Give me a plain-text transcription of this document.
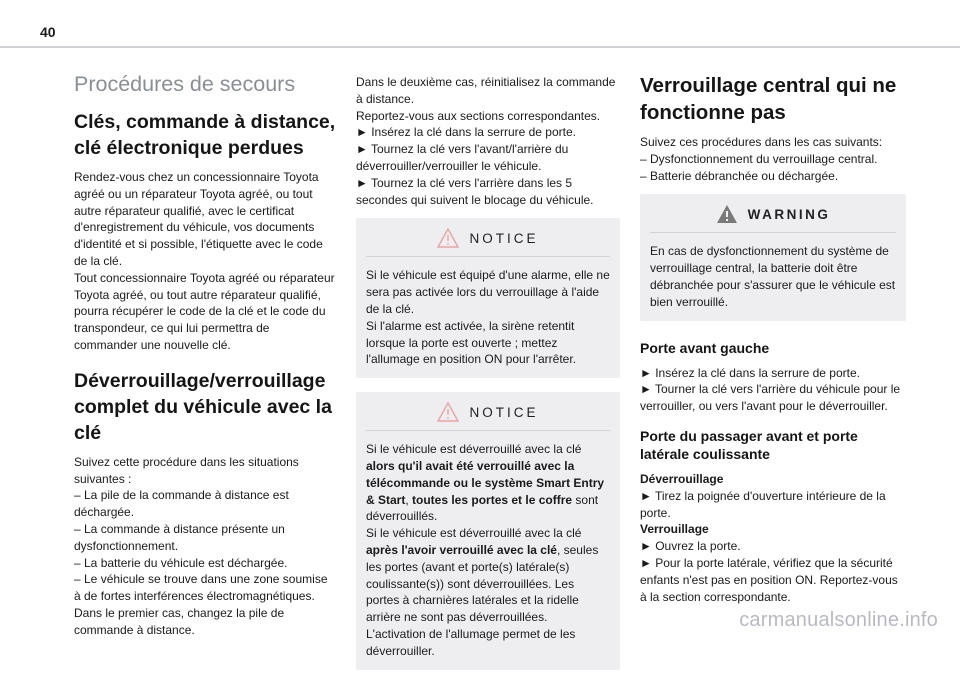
40
Procédures de secours
Clés, commande à distance, clé électronique perdues
Rendez-vous chez un concessionnaire Toyota agréé ou un réparateur Toyota agréé, ou tout autre réparateur qualifié, avec le certificat d'enregistrement du véhicule, vos documents d'identité et si possible, l'étiquette avec le code de la clé.
Tout concessionnaire Toyota agréé ou réparateur Toyota agréé, ou tout autre réparateur qualifié, pourra récupérer le code de la clé et le code du transpondeur, ce qui lui permettra de commander une nouvelle clé.
Déverrouillage/verrouillage complet du véhicule avec la clé
Suivez cette procédure dans les situations suivantes :
– La pile de la commande à distance est déchargée.
– La commande à distance présente un dysfonctionnement.
– La batterie du véhicule est déchargée.
– Le véhicule se trouve dans une zone soumise à de fortes interférences électromagnétiques.
Dans le premier cas, changez la pile de commande à distance.
Dans le deuxième cas, réinitialisez la commande à distance.
Reportez-vous aux sections correspondantes.
► Insérez la clé dans la serrure de porte.
► Tournez la clé vers l'avant/l'arrière du déverrouiller/verrouiller le véhicule.
► Tournez la clé vers l'arrière dans les 5 secondes qui suivent le blocage du véhicule.
NOTICE
Si le véhicule est équipé d'une alarme, elle ne sera pas activée lors du verrouillage à l'aide de la clé.
Si l'alarme est activée, la sirène retentit lorsque la porte est ouverte ; mettez l'allumage en position ON pour l'arrêter.
NOTICE
Si le véhicule est déverrouillé avec la clé alors qu'il avait été verrouillé avec la télécommande ou le système Smart Entry & Start, toutes les portes et le coffre sont déverrouillés.
Si le véhicule est déverrouillé avec la clé après l'avoir verrouillé avec la clé, seules les portes (avant et porte(s) latérale(s) coulissante(s)) sont déverrouillées. Les portes à charnières latérales et la ridelle arrière ne sont pas déverrouillées. L'activation de l'allumage permet de les déverrouiller.
Verrouillage central qui ne fonctionne pas
Suivez ces procédures dans les cas suivants:
– Dysfonctionnement du verrouillage central.
– Batterie débranchée ou déchargée.
WARNING
En cas de dysfonctionnement du système de verrouillage central, la batterie doit être débranchée pour s'assurer que le véhicule est bien verrouillé.
Porte avant gauche
► Insérez la clé dans la serrure de porte.
► Tourner la clé vers l'arrière du véhicule pour le verrouiller, ou vers l'avant pour le déverrouiller.
Porte du passager avant et porte latérale coulissante
Déverrouillage
► Tirez la poignée d'ouverture intérieure de la porte.
Verrouillage
► Ouvrez la porte.
► Pour la porte latérale, vérifiez que la sécurité enfants n'est pas en position ON. Reportez-vous à la section correspondante.
carmanualsonline.info
